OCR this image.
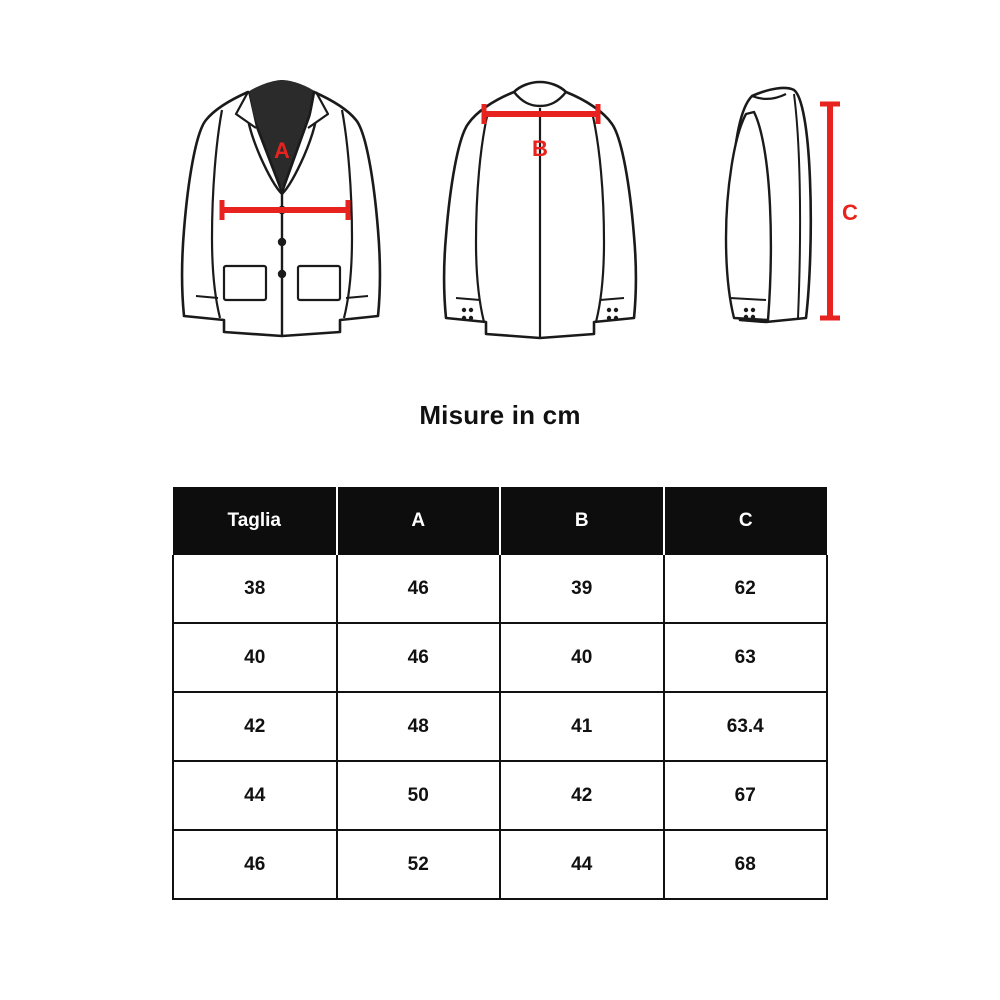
A	B
C
Misure in cm
Taglia	A	B	C
38	46	39	62
40	46	40	63
42	48	41	63.4
44	50	42	67
46	52	44	68
